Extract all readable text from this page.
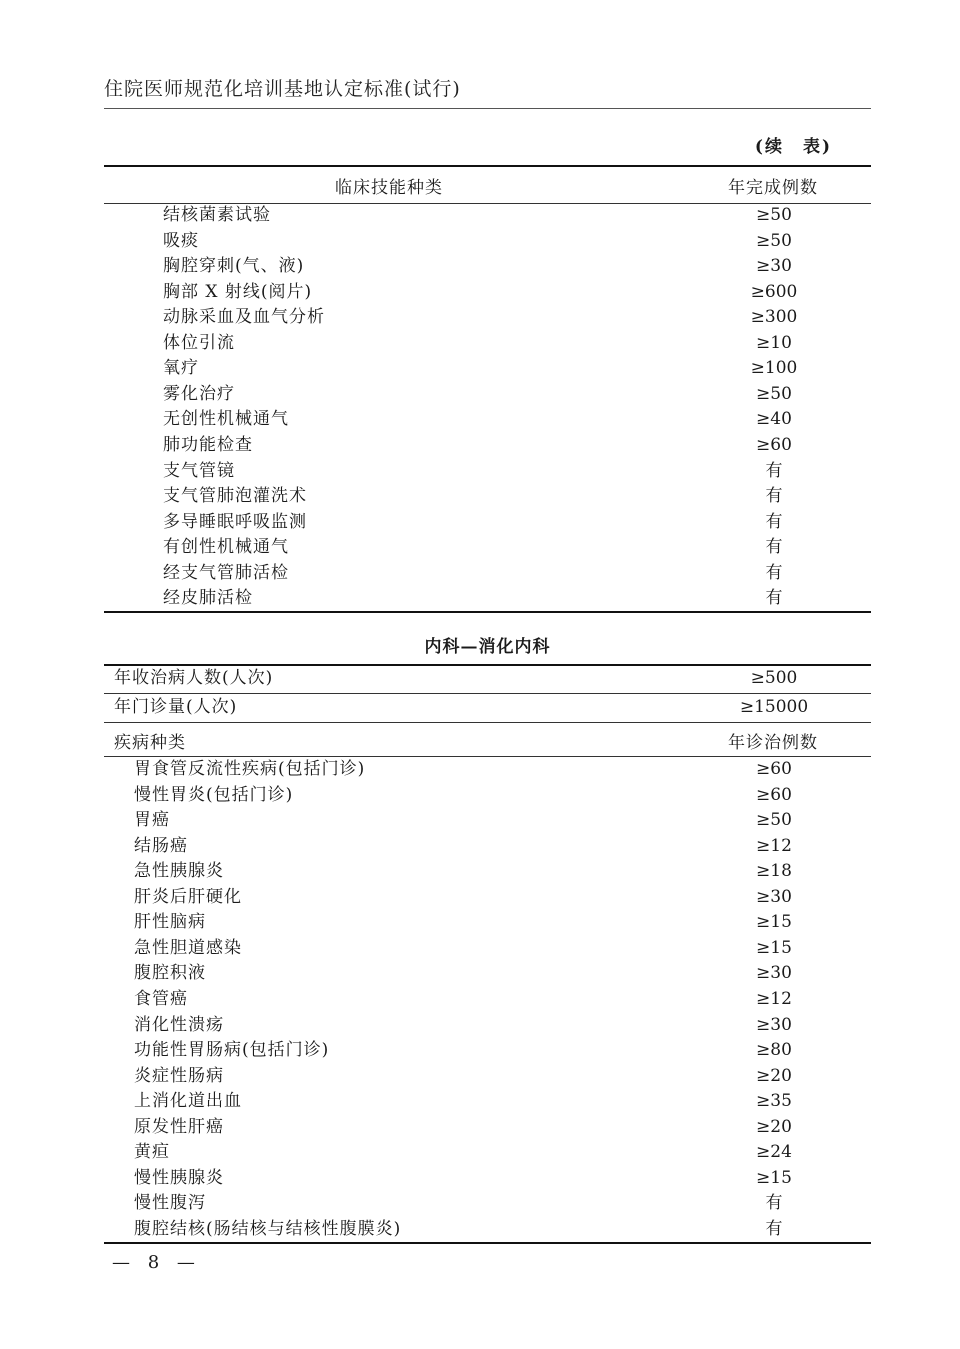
住院医师规范化培训基地认定标准(试行)
(续　表)
临床技能种类	年完成例数
结核菌素试验	≥50
吸痰	≥50
胸腔穿刺(气、液)	≥30
胸部 X 射线(阅片)	≥600
动脉采血及血气分析	≥300
体位引流	≥10
氧疗	≥100
雾化治疗	≥50
无创性机械通气	≥40
肺功能检查	≥60
支气管镜	有
支气管肺泡灌洗术	有
多导睡眠呼吸监测	有
有创性机械通气	有
经支气管肺活检	有
经皮肺活检	有
内科—消化内科
年收治病人数(人次)	≥500
年门诊量(人次)	≥15000
疾病种类	年诊治例数
胃食管反流性疾病(包括门诊)	≥60
慢性胃炎(包括门诊)	≥60
胃癌	≥50
结肠癌	≥12
急性胰腺炎	≥18
肝炎后肝硬化	≥30
肝性脑病	≥15
急性胆道感染	≥15
腹腔积液	≥30
食管癌	≥12
消化性溃疡	≥30
功能性胃肠病(包括门诊)	≥80
炎症性肠病	≥20
上消化道出血	≥35
原发性肝癌	≥20
黄疸	≥24
慢性胰腺炎	≥15
慢性腹泻	有
腹腔结核(肠结核与结核性腹膜炎)	有
— 8 —
